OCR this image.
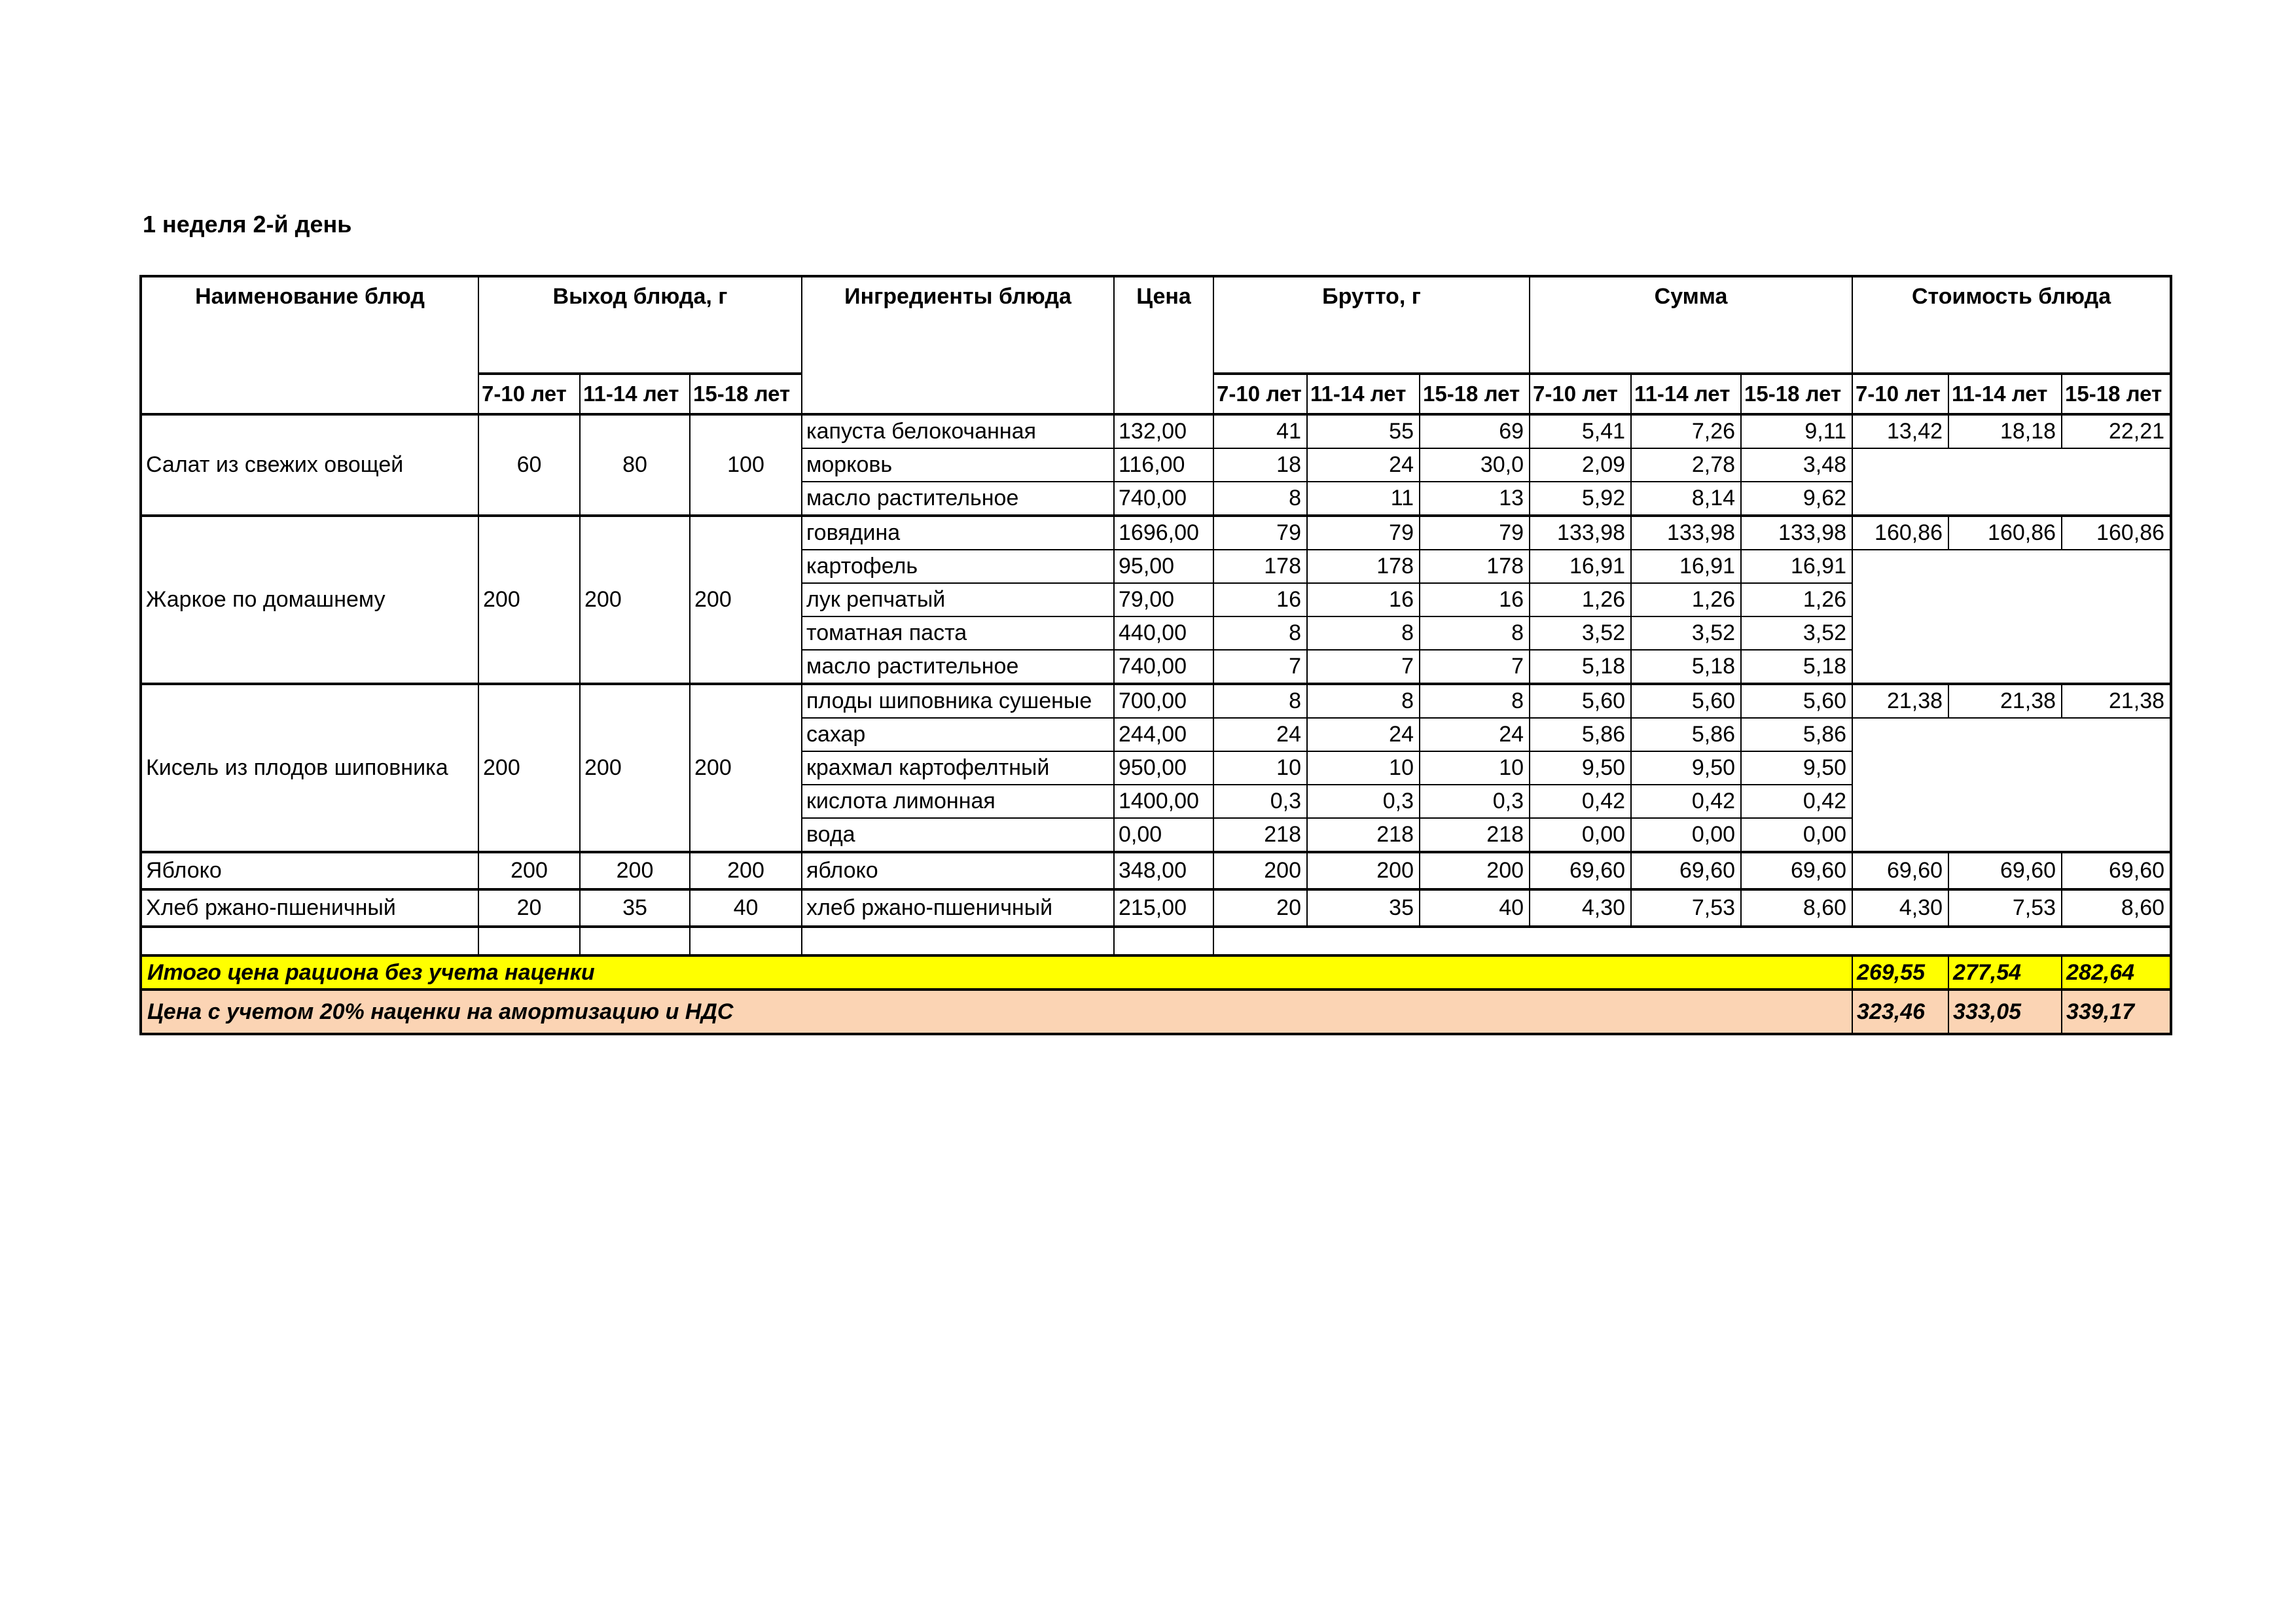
1 неделя 2-й день
Наименование блюд	Выход блюда, г			Ингредиенты блюда	Цена	Брутто, г			Сумма			Стоимость блюда		
	7-10 лет	11-14 лет	15-18 лет			7-10 лет	11-14 лет	15-18 лет	7-10 лет	11-14 лет	15-18 лет	7-10 лет	11-14 лет	15-18 лет
Салат из свежих овощей	60	80	100	капуста белокочанная	132,00	41	55	69	5,41	7,26	9,11	13,42	18,18	22,21
				морковь	116,00	18	24	30,0	2,09	2,78	3,48			
				масло растительное	740,00	8	11	13	5,92	8,14	9,62			
Жаркое по домашнему	200	200	200	говядина	1696,00	79	79	79	133,98	133,98	133,98	160,86	160,86	160,86
				картофель	95,00	178	178	178	16,91	16,91	16,91			
				лук репчатый	79,00	16	16	16	1,26	1,26	1,26			
				томатная паста	440,00	8	8	8	3,52	3,52	3,52			
				масло растительное	740,00	7	7	7	5,18	5,18	5,18			
Кисель из плодов шиповника	200	200	200	плоды шиповника сушеные	700,00	8	8	8	5,60	5,60	5,60	21,38	21,38	21,38
				сахар	244,00	24	24	24	5,86	5,86	5,86			
				крахмал картофелтный	950,00	10	10	10	9,50	9,50	9,50			
				кислота лимонная	1400,00	0,3	0,3	0,3	0,42	0,42	0,42			
				вода	0,00	218	218	218	0,00	0,00	0,00			
Яблоко	200	200	200	яблоко	348,00	200	200	200	69,60	69,60	69,60	69,60	69,60	69,60
Хлеб ржано-пшеничный	20	35	40	хлеб ржано-пшеничный	215,00	20	35	40	4,30	7,53	8,60	4,30	7,53	8,60

Итого цена рациона без учета наценки												269,55	277,54	282,64
Цена с учетом 20% наценки на амортизацию и НДС												323,46	333,05	339,17
